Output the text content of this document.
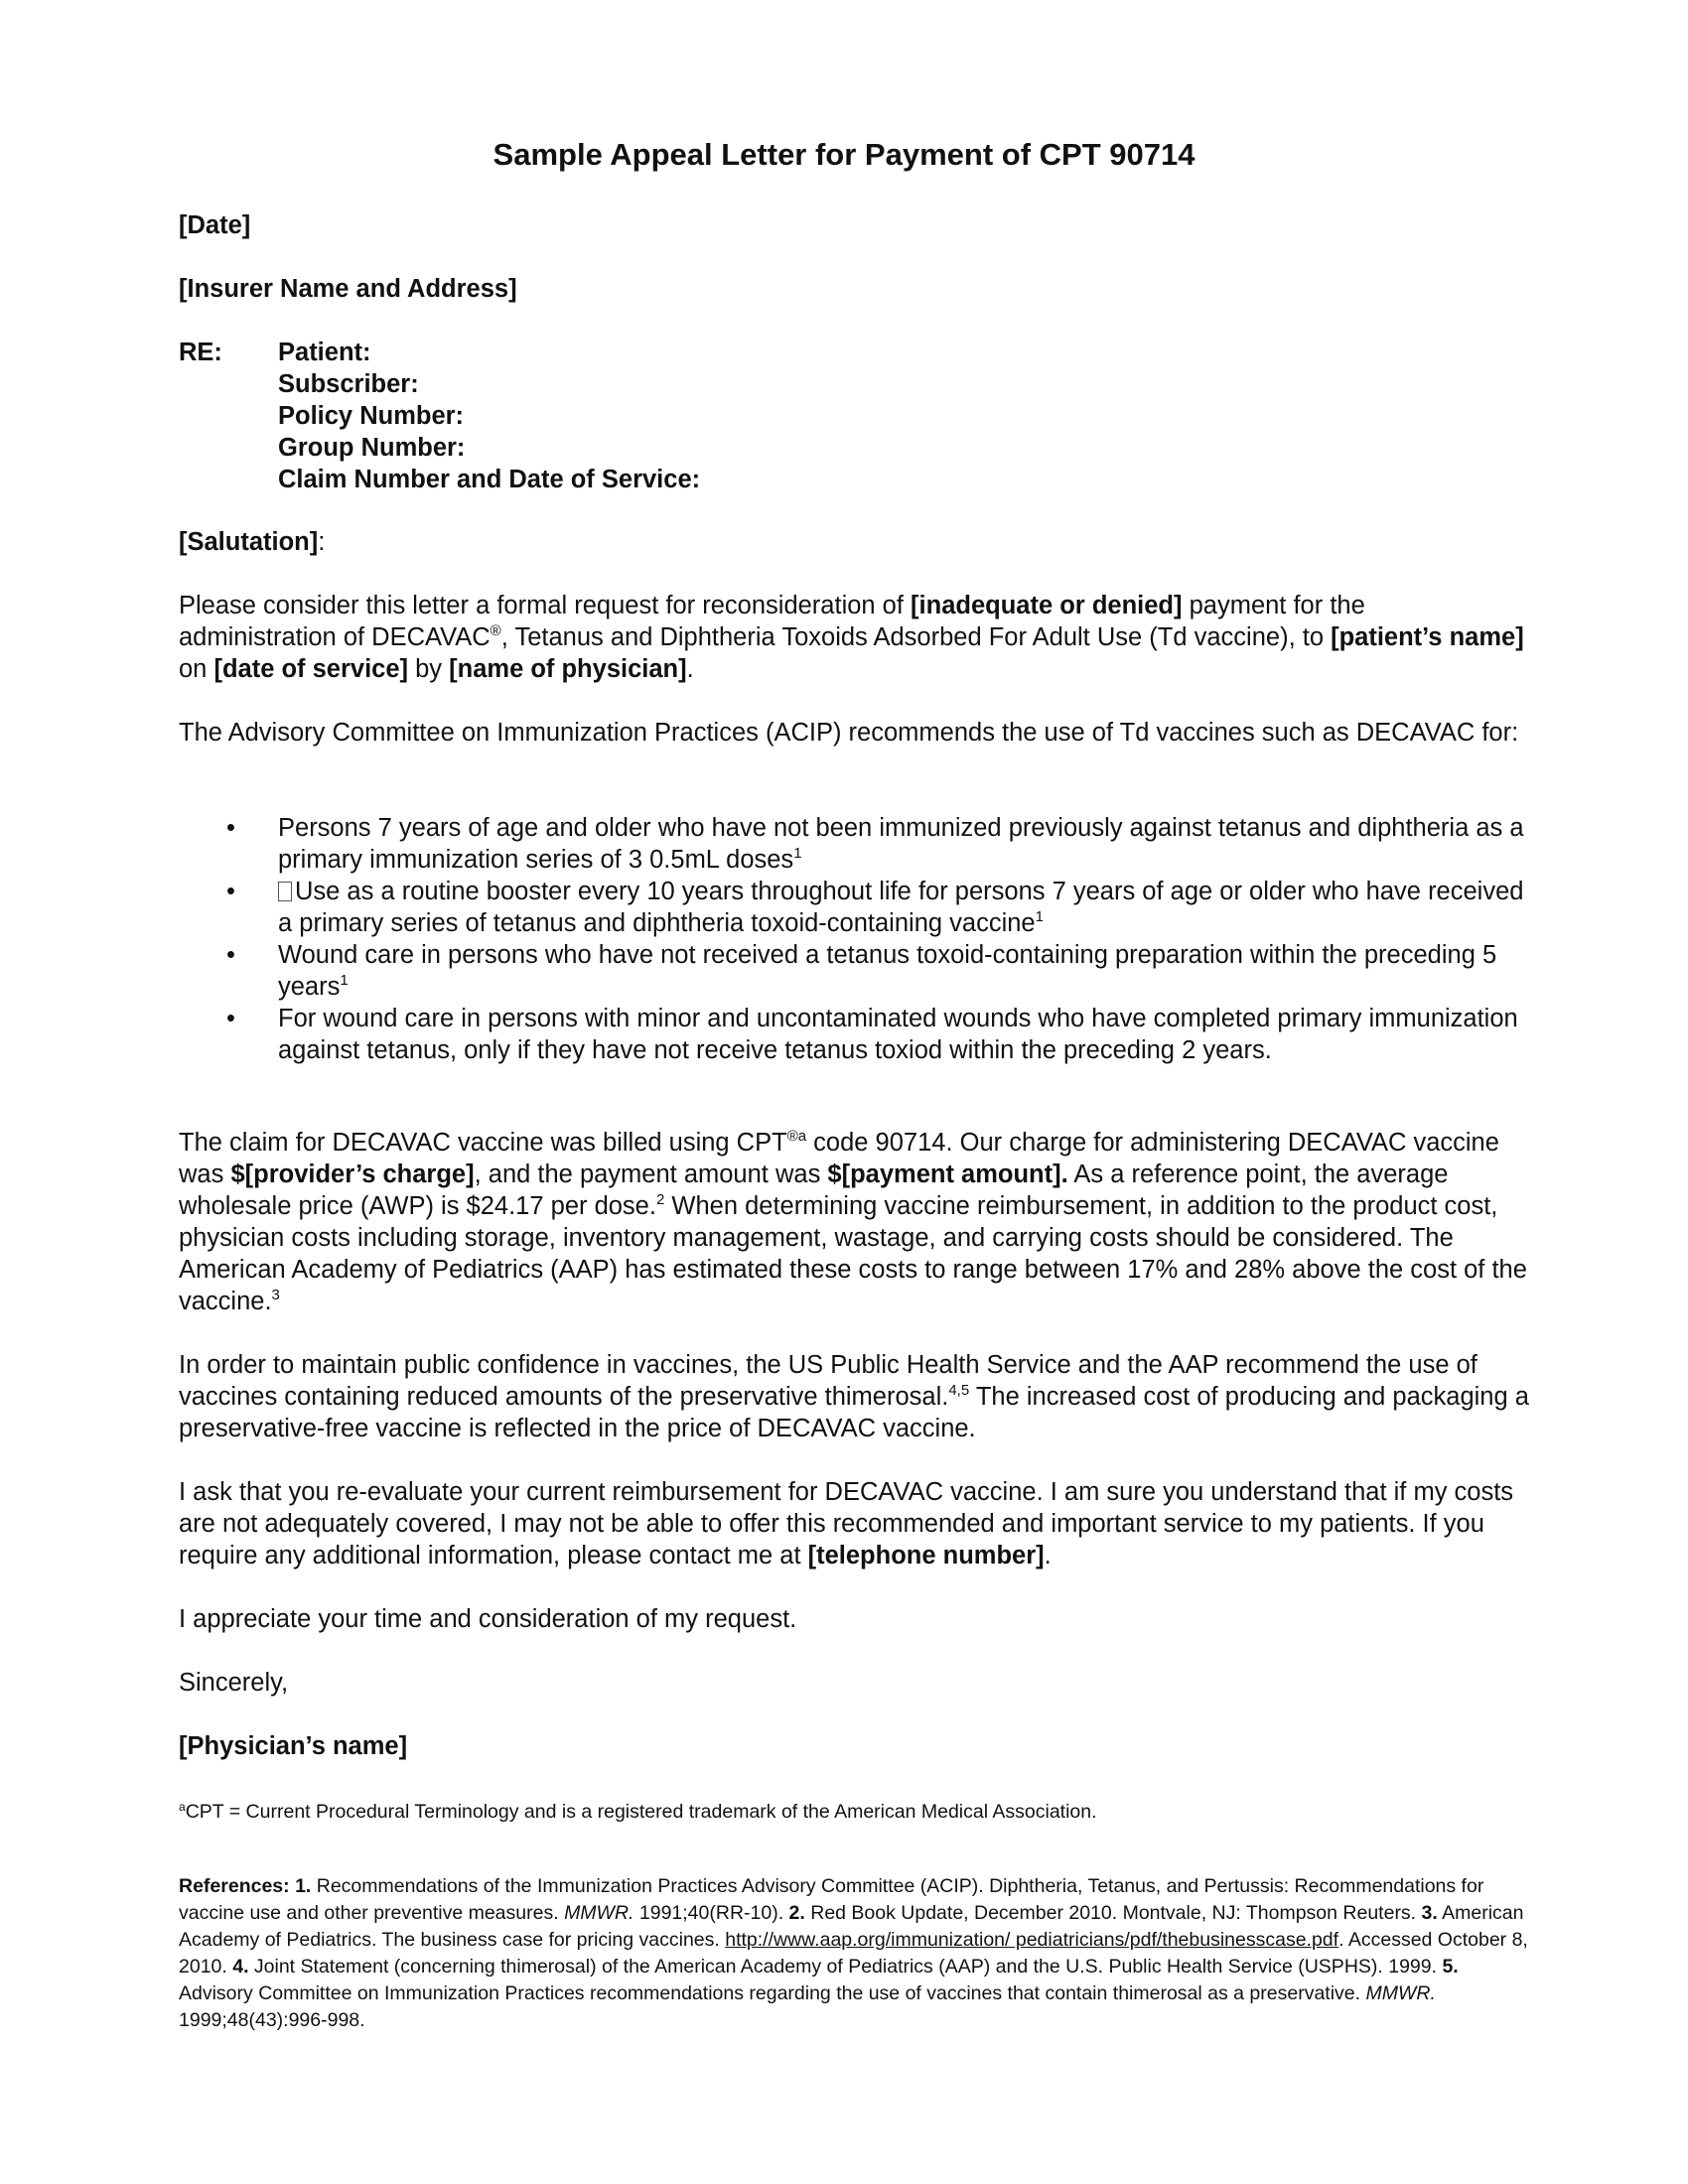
Sample Appeal Letter for Payment of CPT 90714

[Date]

[Insurer Name and Address]

RE:	Patient:
Subscriber:
Policy Number:
Group Number:
Claim Number and Date of Service:

[Salutation]:

Please consider this letter a formal request for reconsideration of [inadequate or denied] payment for the administration of DECAVAC®, Tetanus and Diphtheria Toxoids Adsorbed For Adult Use (Td vaccine), to [patient’s name] on [date of service] by [name of physician].

The Advisory Committee on Immunization Practices (ACIP) recommends the use of Td vaccines such as DECAVAC for:

• Persons 7 years of age and older who have not been immunized previously against tetanus and diphtheria as a primary immunization series of 3 0.5mL doses$^1$
• Use as a routine booster every 10 years throughout life for persons 7 years of age or older who have received a primary series of tetanus and diphtheria toxoid-containing vaccine$^1$
• Wound care in persons who have not received a tetanus toxoid-containing preparation within the preceding 5 years$^1$
• For wound care in persons with minor and uncontaminated wounds who have completed primary immunization against tetanus, only if they have not receive tetanus toxiod within the preceding 2 years.

The claim for DECAVAC vaccine was billed using $CPT^{®a}$ code 90714. Our charge for administering DECAVAC vaccine was $[provider’s charge], and the payment amount was $[payment amount]. As a reference point, the average wholesale price (AWP) is $24.17 per dose.$^2$ When determining vaccine reimbursement, in addition to the product cost, physician costs including storage, inventory management, wastage, and carrying costs should be considered. The American Academy of Pediatrics (AAP) has estimated these costs to range between 17% and 28% above the cost of the vaccine.$^3$

In order to maintain public confidence in vaccines, the US Public Health Service and the AAP recommend the use of vaccines containing reduced amounts of the preservative thimerosal.$^{4,5}$ The increased cost of producing and packaging a preservative-free vaccine is reflected in the price of DECAVAC vaccine.

I ask that you re-evaluate your current reimbursement for DECAVAC vaccine. I am sure you understand that if my costs are not adequately covered, I may not be able to offer this recommended and important service to my patients. If you require any additional information, please contact me at [telephone number].

I appreciate your time and consideration of my request.

Sincerely,

[Physician’s name]

$^a$CPT = Current Procedural Terminology and is a registered trademark of the American Medical Association.

References: 1. Recommendations of the Immunization Practices Advisory Committee (ACIP). Diphtheria, Tetanus, and Pertussis: Recommendations for vaccine use and other preventive measures. MMWR. 1991;40(RR-10). 2. Red Book Update, December 2010. Montvale, NJ: Thompson Reuters. 3. American Academy of Pediatrics. The business case for pricing vaccines. http://www.aap.org/immunization/ pediatricians/pdf/thebusinesscase.pdf. Accessed October 8, 2010. 4. Joint Statement (concerning thimerosal) of the American Academy of Pediatrics (AAP) and the U.S. Public Health Service (USPHS). 1999. 5. Advisory Committee on Immunization Practices recommendations regarding the use of vaccines that contain thimerosal as a preservative. MMWR. 1999;48(43):996-998.
